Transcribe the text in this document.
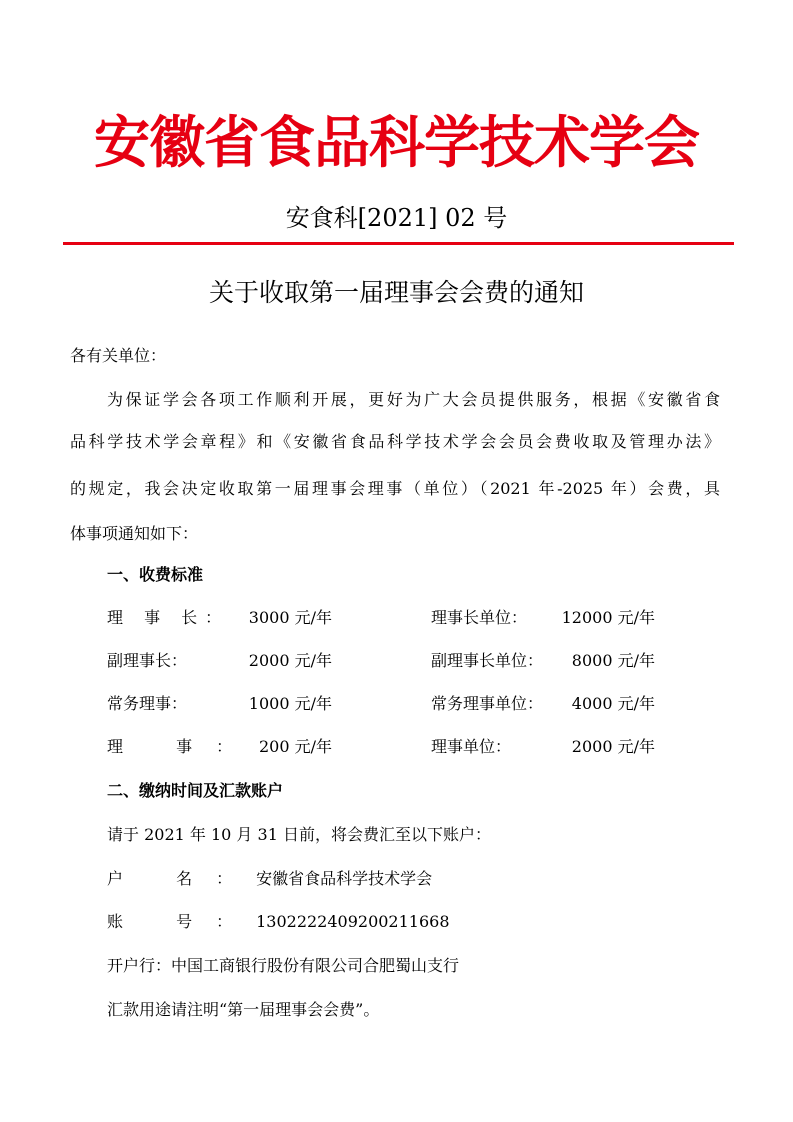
安徽省食品科学技术学会
安食科[2021] 02 号
关于收取第一届理事会会费的通知
各有关单位：
为保证学会各项工作顺利开展，更好为广大会员提供服务，根据《安徽省食
品科学技术学会章程》和《安徽省食品科学技术学会会员会费收取及管理办法》
的规定，我会决定收取第一届理事会理事（单位）（2021 年-2025 年）会费，具
体事项通知如下：
一、收费标准
理 事 长：	3000 元/年	理事长单位：	12000 元/年
副理事长：	2000 元/年	副理事长单位：	8000 元/年
常务理事：	1000 元/年	常务理事单位：	4000 元/年
理 事： 200 元/年	理事单位：	2000 元/年
二、缴纳时间及汇款账户
请于 2021 年 10 月 31 日前，将会费汇至以下账户：
户 名：安徽省食品科学技术学会
账 号：1302222409200211668
开户行：中国工商银行股份有限公司合肥蜀山支行
汇款用途请注明“第一届理事会会费”。
